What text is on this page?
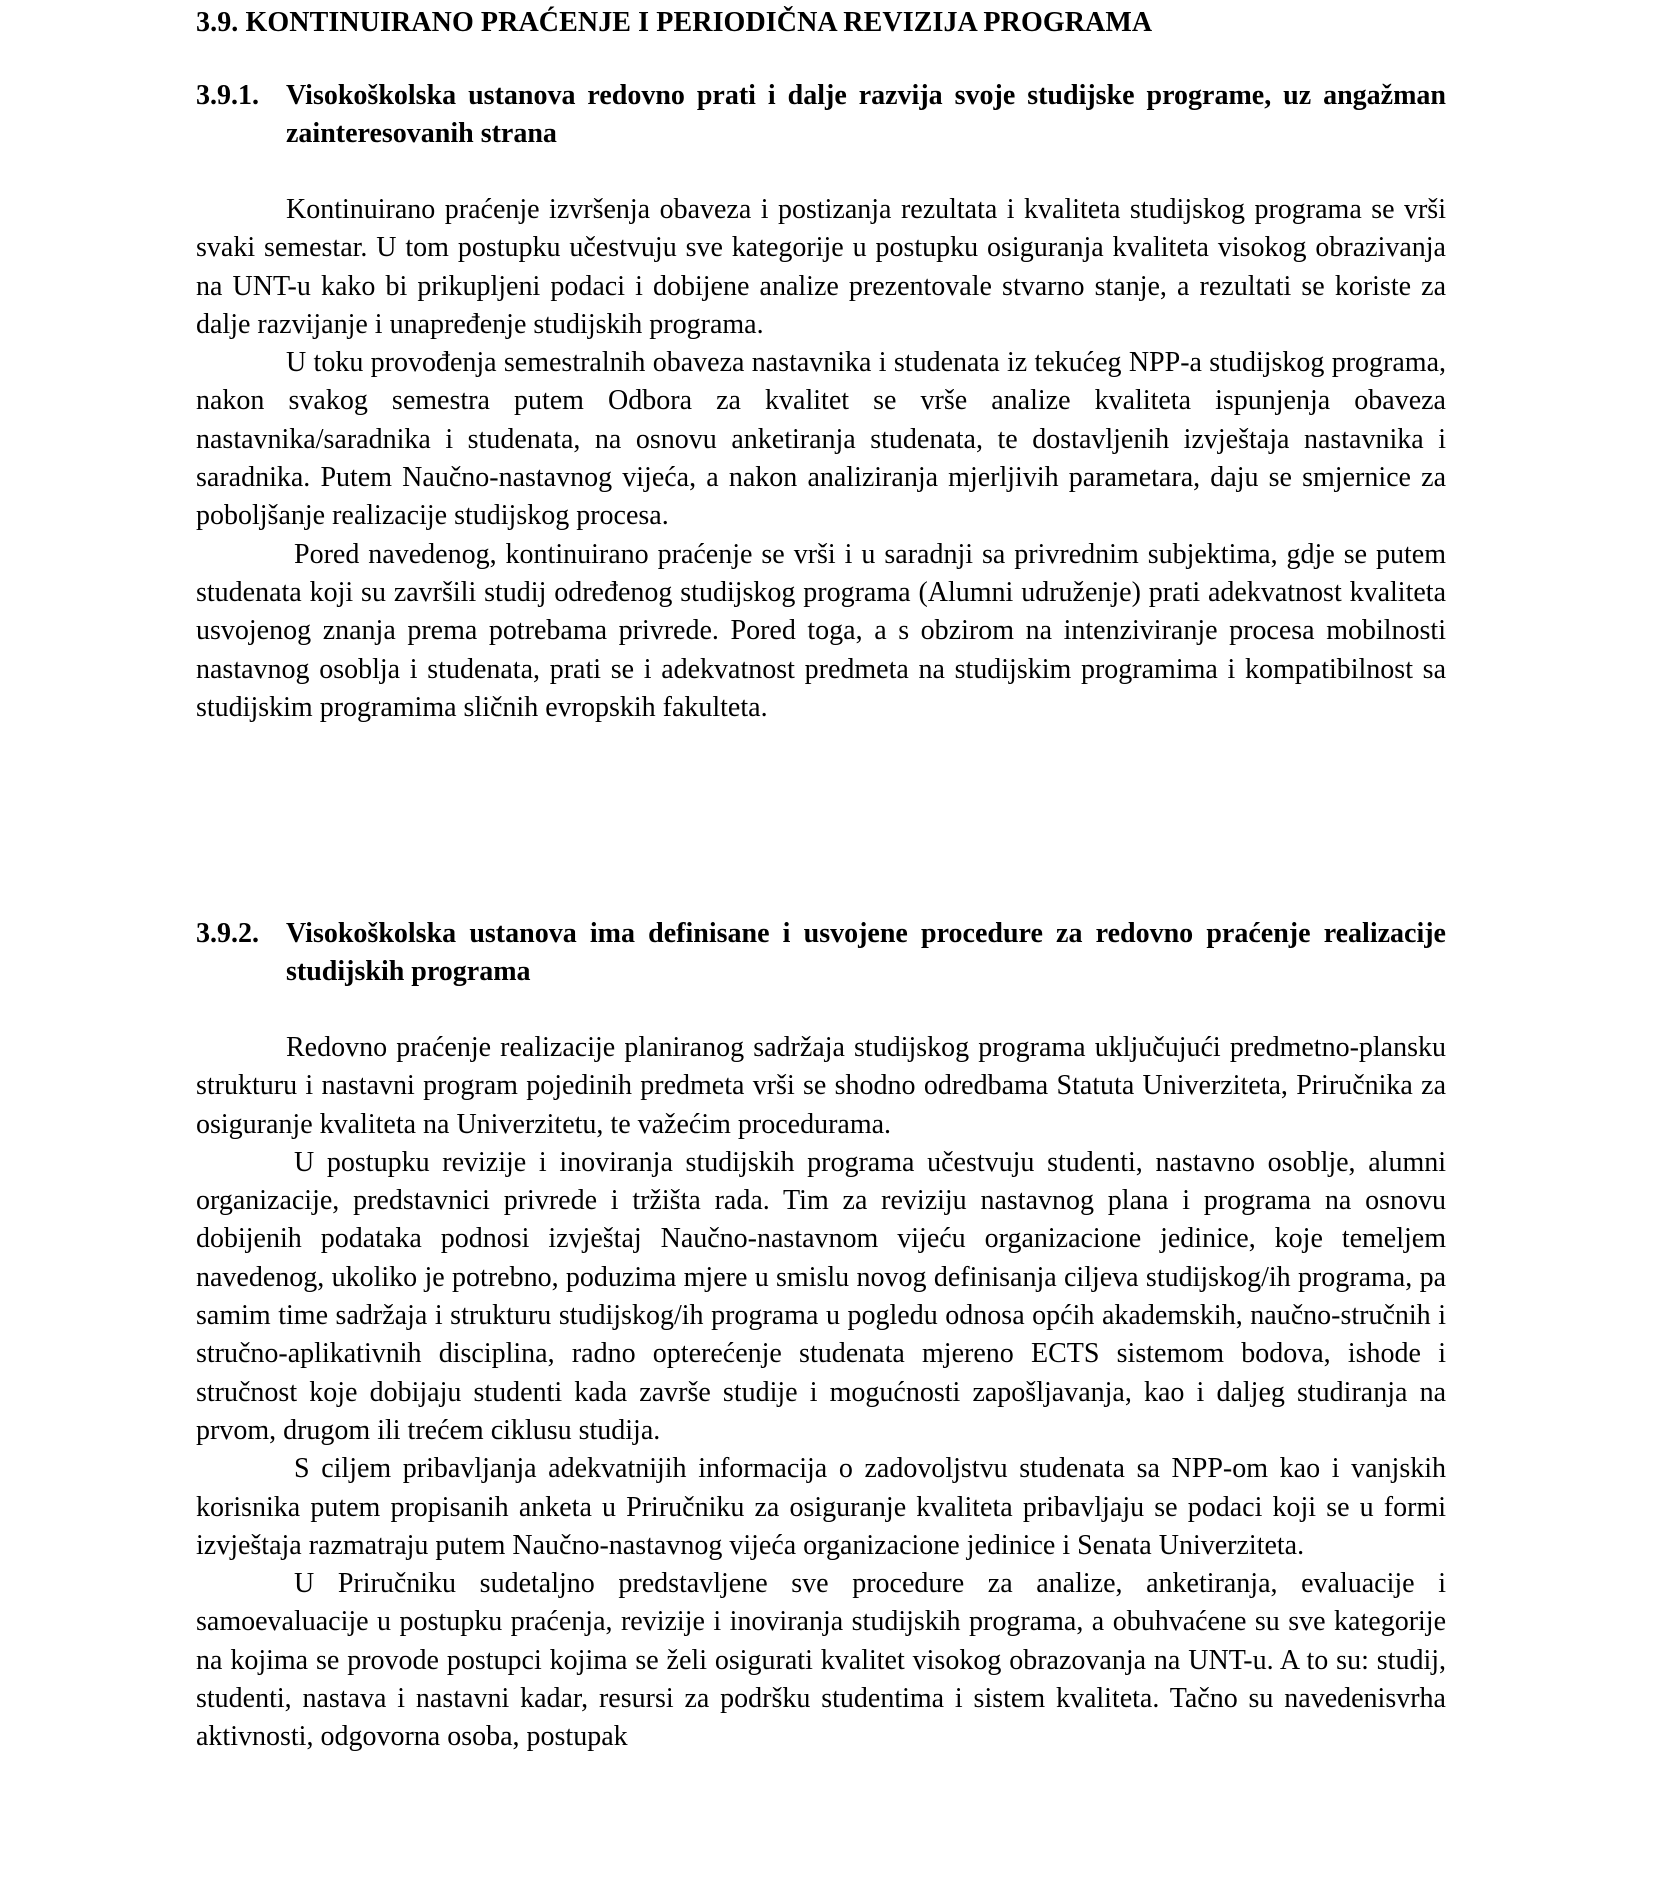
3.9. KONTINUIRANO PRAĆENJE I PERIODIČNA REVIZIJA PROGRAMA
3.9.1. Visokoškolska ustanova redovno prati i dalje razvija svoje studijske programe, uz angažman zainteresovanih strana

Kontinuirano praćenje izvršenja obaveza i postizanja rezultata i kvaliteta studijskog programa se vrši svaki semestar. U tom postupku učestvuju sve kategorije u postupku osiguranja kvaliteta visokog obrazivanja na UNT-u kako bi prikupljeni podaci i dobijene analize prezentovale stvarno stanje, a rezultati se koriste za dalje razvijanje i unapređenje studijskih programa.

U toku provođenja semestralnih obaveza nastavnika i studenata iz tekućeg NPP-a studijskog programa, nakon svakog semestra putem Odbora za kvalitet se vrše analize kvaliteta ispunjenja obaveza nastavnika/saradnika i studenata, na osnovu anketiranja studenata, te dostavljenih izvještaja nastavnika i saradnika. Putem Naučno-nastavnog vijeća, a nakon analiziranja mjerljivih parametara, daju se smjernice za poboljšanje realizacije studijskog procesa.

Pored navedenog, kontinuirano praćenje se vrši i u saradnji sa privrednim subjektima, gdje se putem studenata koji su završili studij određenog studijskog programa (Alumni udruženje) prati adekvatnost kvaliteta usvojenog znanja prema potrebama privrede. Pored toga, a s obzirom na intenziviranje procesa mobilnosti nastavnog osoblja i studenata, prati se i adekvatnost predmeta na studijskim programima i kompatibilnost sa studijskim programima sličnih evropskih fakulteta.

3.9.2. Visokoškolska ustanova ima definisane i usvojene procedure za redovno praćenje realizacije studijskih programa

Redovno praćenje realizacije planiranog sadržaja studijskog programa uključujući predmetno-plansku strukturu i nastavni program pojedinih predmeta vrši se shodno odredbama Statuta Univerziteta, Priručnika za osiguranje kvaliteta na Univerzitetu, te važećim procedurama.

U postupku revizije i inoviranja studijskih programa učestvuju studenti, nastavno osoblje, alumni organizacije, predstavnici privrede i tržišta rada. Tim za reviziju nastavnog plana i programa na osnovu dobijenih podataka podnosi izvještaj Naučno-nastavnom vijeću organizacione jedinice, koje temeljem navedenog, ukoliko je potrebno, poduzima mjere u smislu novog definisanja ciljeva studijskog/ih programa, pa samim time sadržaja i strukturu studijskog/ih programa u pogledu odnosa općih akademskih, naučno-stručnih i stručno-aplikativnih disciplina, radno opterećenje studenata mjereno ECTS sistemom bodova, ishode i stručnost koje dobijaju studenti kada završe studije i mogućnosti zapošljavanja, kao i daljeg studiranja na prvom, drugom ili trećem ciklusu studija.

S ciljem pribavljanja adekvatnijih informacija o zadovoljstvu studenata sa NPP-om kao i vanjskih korisnika putem propisanih anketa u Priručniku za osiguranje kvaliteta pribavljaju se podaci koji se u formi izvještaja razmatraju putem Naučno-nastavnog vijeća organizacione jedinice i Senata Univerziteta.

U Priručniku sudetaljno predstavljene sve procedure za analize, anketiranja, evaluacije i samoevaluacije u postupku praćenja, revizije i inoviranja studijskih programa, a obuhvaćene su sve kategorije na kojima se provode postupci kojima se želi osigurati kvalitet visokog obrazovanja na UNT-u. A to su: studij, studenti, nastava i nastavni kadar, resursi za podršku studentima i sistem kvaliteta. Tačno su navedenisvrha aktivnosti, odgovorna osoba, postupak
